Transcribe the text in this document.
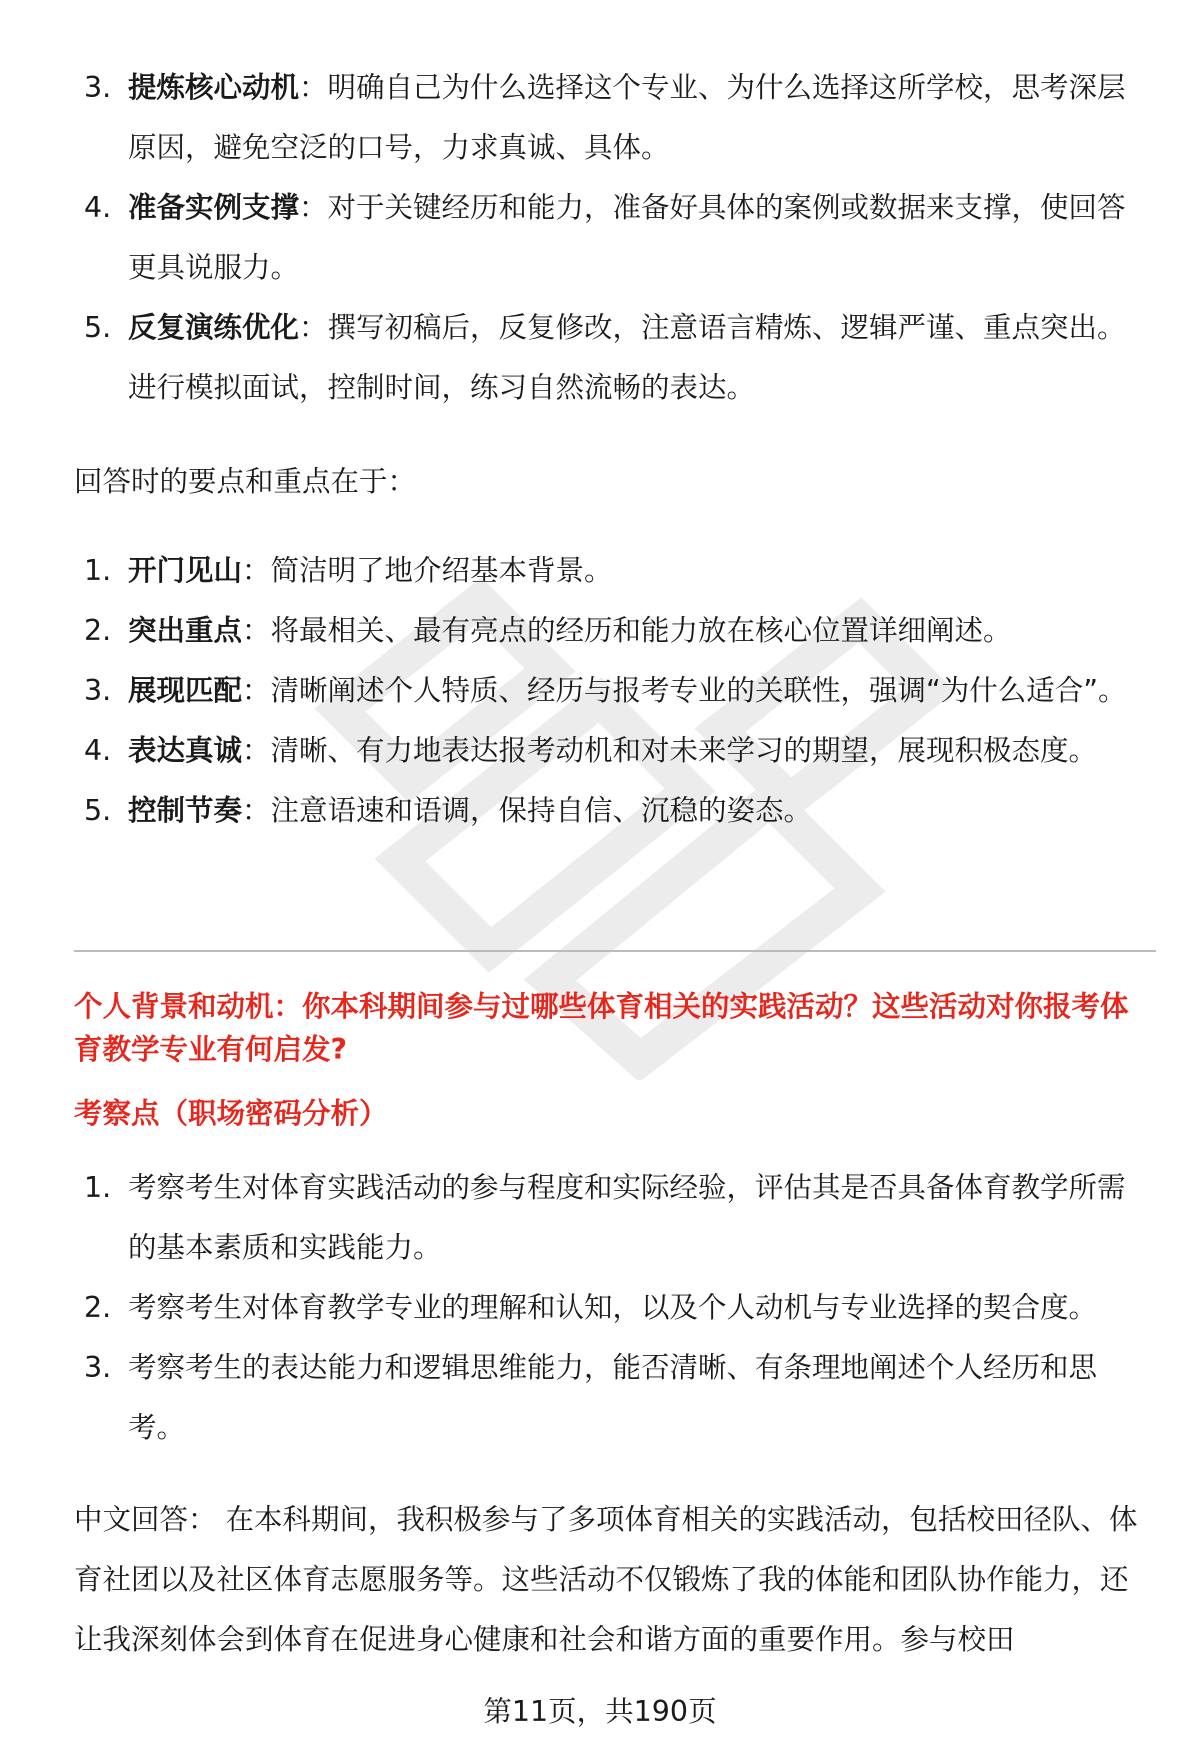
3. 提炼核心动机：明确自己为什么选择这个专业、为什么选择这所学校，思考深层原因，避免空泛的口号，力求真诚、具体。
4. 准备实例支撑：对于关键经历和能力，准备好具体的案例或数据来支撑，使回答更具说服力。
5. 反复演练优化：撰写初稿后，反复修改，注意语言精炼、逻辑严谨、重点突出。进行模拟面试，控制时间，练习自然流畅的表达。

回答时的要点和重点在于：

1. 开门见山：简洁明了地介绍基本背景。
2. 突出重点：将最相关、最有亮点的经历和能力放在核心位置详细阐述。
3. 展现匹配：清晰阐述个人特质、经历与报考专业的关联性，强调“为什么适合”。
4. 表达真诚：清晰、有力地表达报考动机和对未来学习的期望，展现积极态度。
5. 控制节奏：注意语速和语调，保持自信、沉稳的姿态。

个人背景和动机：你本科期间参与过哪些体育相关的实践活动？这些活动对你报考体育教学专业有何启发?

考察点（职场密码分析）

1. 考察考生对体育实践活动的参与程度和实际经验，评估其是否具备体育教学所需的基本素质和实践能力。
2. 考察考生对体育教学专业的理解和认知，以及个人动机与专业选择的契合度。
3. 考察考生的表达能力和逻辑思维能力，能否清晰、有条理地阐述个人经历和思考。

中文回答： 在本科期间，我积极参与了多项体育相关的实践活动，包括校田径队、体育社团以及社区体育志愿服务等。这些活动不仅锻炼了我的体能和团队协作能力，还让我深刻体会到体育在促进身心健康和社会和谐方面的重要作用。参与校田

第11页，共190页
